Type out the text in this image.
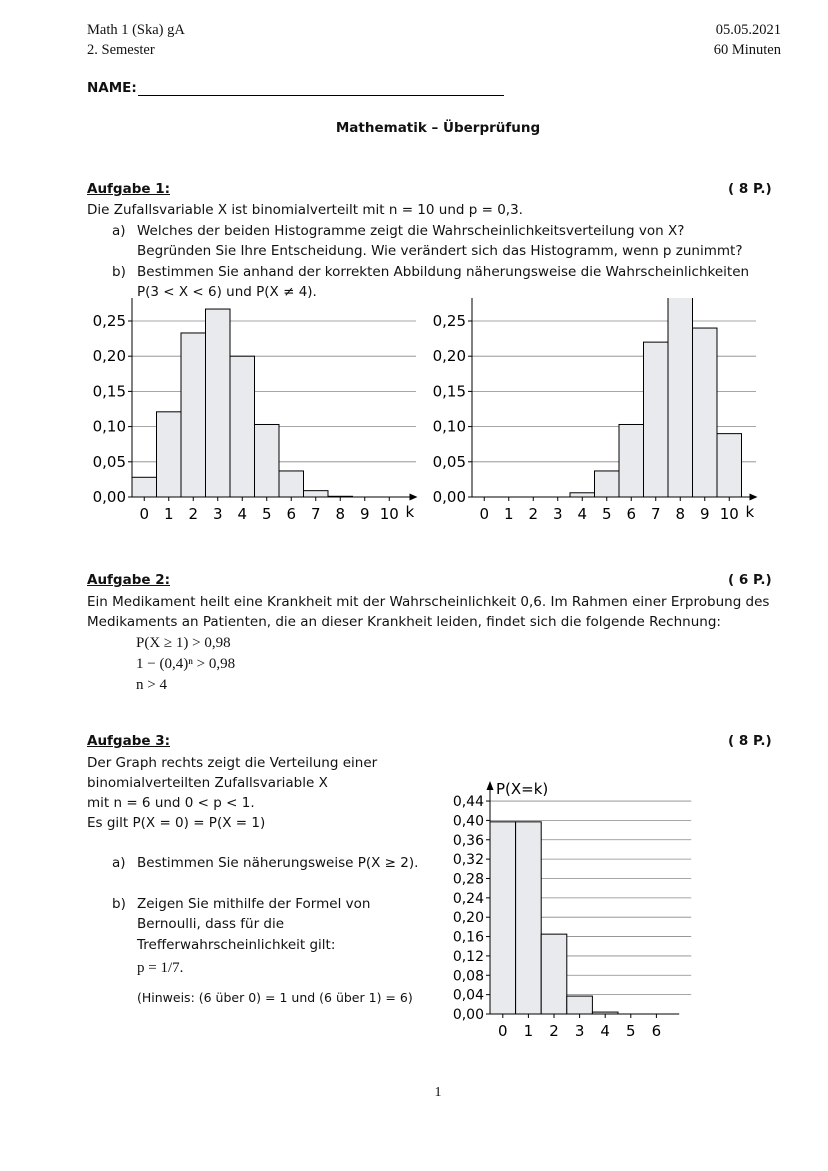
Math 1 (Ska) gA
2. Semester
05.05.2021
60 Minuten
NAME:
Mathematik – Überprüfung
Aufgabe 1:	( 8 P.)
Die Zufallsvariable X ist binomialverteilt mit n = 10 und p = 0,3.
a) Welches der beiden Histogramme zeigt die Wahrscheinlichkeitsverteilung von X?
Begründen Sie Ihre Entscheidung. Wie verändert sich das Histogramm, wenn p zunimmt?
b) Bestimmen Sie anhand der korrekten Abbildung näherungsweise die Wahrscheinlichkeiten
P(3 < X < 6) und P(X ≠ 4).
0,00
0,05
0,10
0,15
0,20
0,25
0 1 2 3 4 5 6 7 8 9 10 k
0,00
0,05
0,10
0,15
0,20
0,25
0 1 2 3 4 5 6 7 8 9 10 k
Aufgabe 2:	( 6 P.)
Ein Medikament heilt eine Krankheit mit der Wahrscheinlichkeit 0,6. Im Rahmen einer Erprobung des
Medikaments an Patienten, die an dieser Krankheit leiden, findet sich die folgende Rechnung:
P(X ≥ 1) > 0,98
1 − (0,4)ⁿ > 0,98
n > 4
Aufgabe 3:	( 8 P.)
Der Graph rechts zeigt die Verteilung einer
binomialverteilten Zufallsvariable X
mit n = 6 und 0 < p < 1.
Es gilt P(X = 0) = P(X = 1)
a) Bestimmen Sie näherungsweise P(X ≥ 2).
b) Zeigen Sie mithilfe der Formel von
Bernoulli, dass für die
Trefferwahrscheinlichkeit gilt:
p = 1/7.
(Hinweis: (6 über 0) = 1 und (6 über 1) = 6)
0,00
0,04
0,08
0,12
0,16
0,20
0,24
0,28
0,32
0,36
0,40
0,44
P(X=k)
0 1 2 3 4 5 6
1
